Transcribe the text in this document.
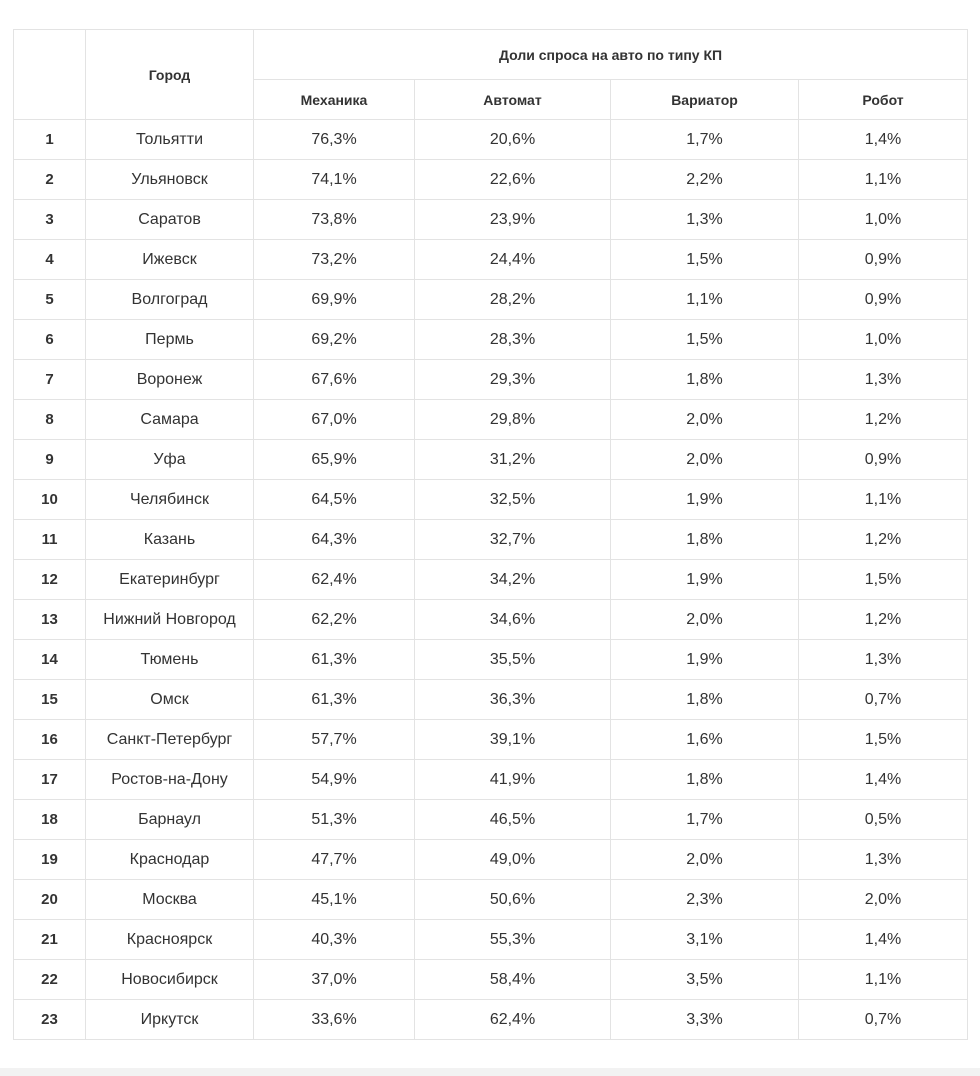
	Город	Доли спроса на авто по типу КП			
		Механика	Автомат	Вариатор	Робот
1	Тольятти	76,3%	20,6%	1,7%	1,4%
2	Ульяновск	74,1%	22,6%	2,2%	1,1%
3	Саратов	73,8%	23,9%	1,3%	1,0%
4	Ижевск	73,2%	24,4%	1,5%	0,9%
5	Волгоград	69,9%	28,2%	1,1%	0,9%
6	Пермь	69,2%	28,3%	1,5%	1,0%
7	Воронеж	67,6%	29,3%	1,8%	1,3%
8	Самара	67,0%	29,8%	2,0%	1,2%
9	Уфа	65,9%	31,2%	2,0%	0,9%
10	Челябинск	64,5%	32,5%	1,9%	1,1%
11	Казань	64,3%	32,7%	1,8%	1,2%
12	Екатеринбург	62,4%	34,2%	1,9%	1,5%
13	Нижний Новгород	62,2%	34,6%	2,0%	1,2%
14	Тюмень	61,3%	35,5%	1,9%	1,3%
15	Омск	61,3%	36,3%	1,8%	0,7%
16	Санкт-Петербург	57,7%	39,1%	1,6%	1,5%
17	Ростов-на-Дону	54,9%	41,9%	1,8%	1,4%
18	Барнаул	51,3%	46,5%	1,7%	0,5%
19	Краснодар	47,7%	49,0%	2,0%	1,3%
20	Москва	45,1%	50,6%	2,3%	2,0%
21	Красноярск	40,3%	55,3%	3,1%	1,4%
22	Новосибирск	37,0%	58,4%	3,5%	1,1%
23	Иркутск	33,6%	62,4%	3,3%	0,7%
